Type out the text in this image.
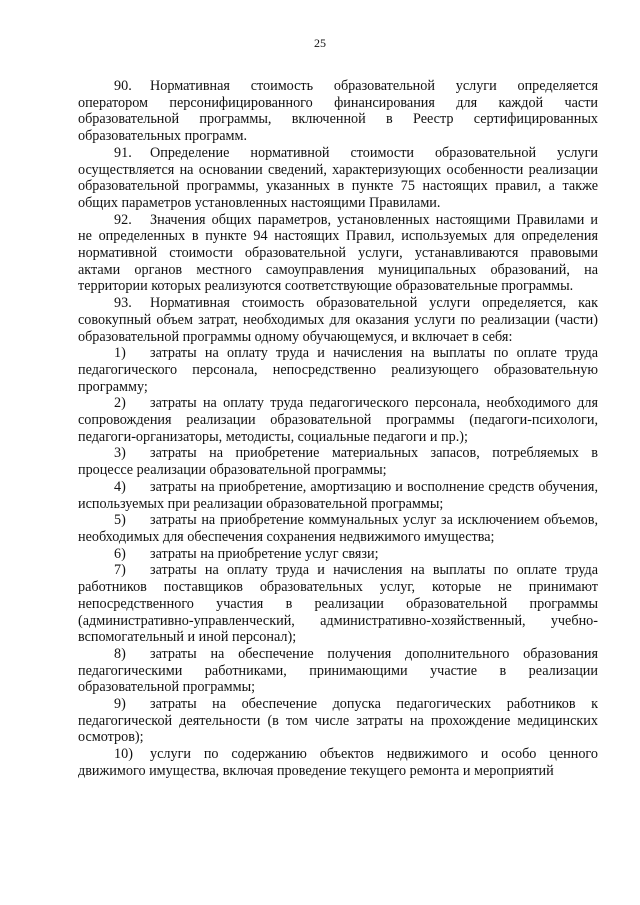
25

90. Нормативная стоимость образовательной услуги определяется оператором персонифицированного финансирования для каждой части образовательной программы, включенной в Реестр сертифицированных образовательных программ.

91. Определение нормативной стоимости образовательной услуги осуществляется на основании сведений, характеризующих особенности реализации образовательной программы, указанных в пункте 75 настоящих правил, а также общих параметров установленных настоящими Правилами.

92. Значения общих параметров, установленных настоящими Правилами и не определенных в пункте 94 настоящих Правил, используемых для определения нормативной стоимости образовательной услуги, устанавливаются правовыми актами органов местного самоуправления муниципальных образований, на территории которых реализуются соответствующие образовательные программы.

93. Нормативная стоимость образовательной услуги определяется, как совокупный объем затрат, необходимых для оказания услуги по реализации (части) образовательной программы одному обучающемуся, и включает в себя:

1) затраты на оплату труда и начисления на выплаты по оплате труда педагогического персонала, непосредственно реализующего образовательную программу;

2) затраты на оплату труда педагогического персонала, необходимого для сопровождения реализации образовательной программы (педагоги-психологи, педагоги-организаторы, методисты, социальные педагоги и пр.);

3) затраты на приобретение материальных запасов, потребляемых в процессе реализации образовательной программы;

4) затраты на приобретение, амортизацию и восполнение средств обучения, используемых при реализации образовательной программы;

5) затраты на приобретение коммунальных услуг за исключением объемов, необходимых для обеспечения сохранения недвижимого имущества;

6) затраты на приобретение услуг связи;

7) затраты на оплату труда и начисления на выплаты по оплате труда работников поставщиков образовательных услуг, которые не принимают непосредственного участия в реализации образовательной программы (административно-управленческий, административно-хозяйственный, учебно-вспомогательный и иной персонал);

8) затраты на обеспечение получения дополнительного образования педагогическими работниками, принимающими участие в реализации образовательной программы;

9) затраты на обеспечение допуска педагогических работников к педагогической деятельности (в том числе затраты на прохождение медицинских осмотров);

10) услуги по содержанию объектов недвижимого и особо ценного движимого имущества, включая проведение текущего ремонта и мероприятий
